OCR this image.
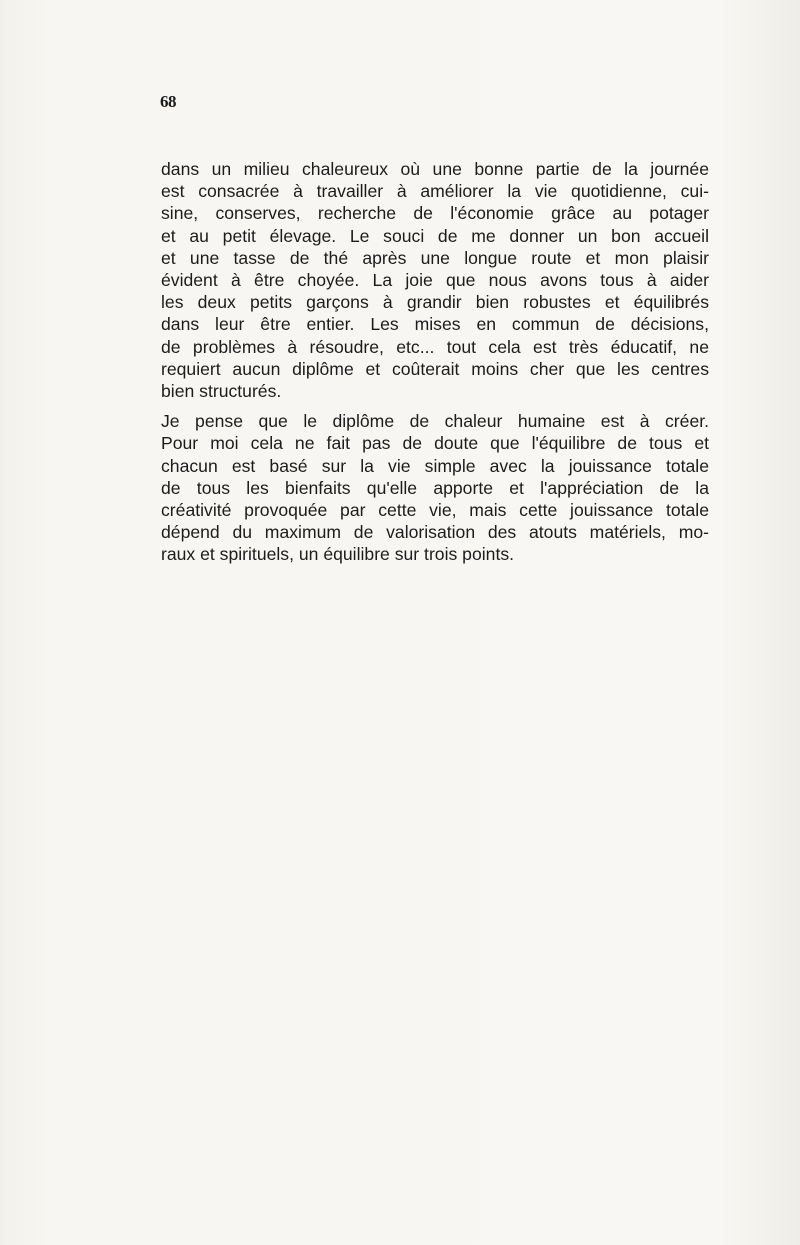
68

dans un milieu chaleureux où une bonne partie de la journée
est consacrée à travailler à améliorer la vie quotidienne, cui-
sine, conserves, recherche de l'économie grâce au potager
et au petit élevage. Le souci de me donner un bon accueil
et une tasse de thé après une longue route et mon plaisir
évident à être choyée. La joie que nous avons tous à aider
les deux petits garçons à grandir bien robustes et équilibrés
dans leur être entier. Les mises en commun de décisions,
de problèmes à résoudre, etc... tout cela est très éducatif, ne
requiert aucun diplôme et coûterait moins cher que les centres
bien structurés.

Je pense que le diplôme de chaleur humaine est à créer.
Pour moi cela ne fait pas de doute que l'équilibre de tous et
chacun est basé sur la vie simple avec la jouissance totale
de tous les bienfaits qu'elle apporte et l'appréciation de la
créativité provoquée par cette vie, mais cette jouissance totale
dépend du maximum de valorisation des atouts matériels, mo-
raux et spirituels, un équilibre sur trois points.
